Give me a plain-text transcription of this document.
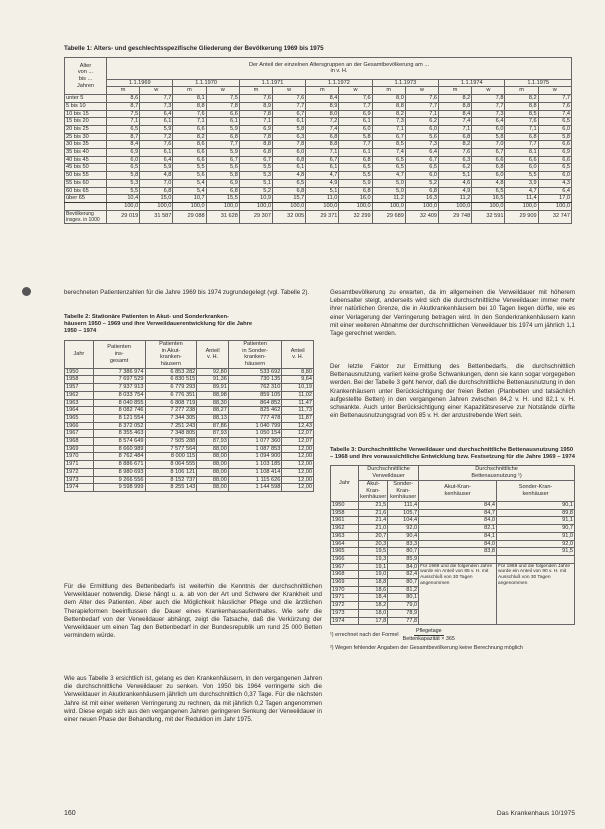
Tabelle 1: Alters- und geschlechtsspezifische Gliederung der Bevölkerung 1969 bis 1975
Alter
von ...
bis ...
Jahren	Der Anteil der einzelnen Altersgruppen an der Gesamtbevölkerung am ...
in v. H.													
	1.1.1969		1.1.1970		1.1.1971		1.1.1972		1.1.1973		1.1.1974		1.1.1975	
	m	w	m	w	m	w	m	w	m	w	m	w	m	w
unter 5	8,6	7,7	8,1	7,5	7,6	7,6	8,4	7,6	8,0	7,6	8,2	7,8	8,2	7,7
5 bis 10	8,7	7,3	8,8	7,8	8,9	7,7	8,9	7,7	8,8	7,7	8,8	7,7	8,8	7,6
10 bis 15	7,5	6,4	7,6	6,6	7,8	6,7	8,0	6,9	8,2	7,1	8,4	7,3	8,5	7,4
15 bis 20	7,1	6,1	7,1	6,1	7,1	6,1	7,2	6,1	7,3	6,2	7,4	6,4	7,6	6,5
20 bis 25	6,5	5,9	6,6	5,9	6,9	5,8	7,4	6,0	7,1	6,0	7,1	6,0	7,1	6,0
25 bis 30	8,7	7,2	8,2	6,8	7,8	6,3	6,8	5,8	6,7	5,6	6,8	5,8	6,8	5,8
30 bis 35	8,4	7,6	8,6	7,7	8,8	7,8	8,8	7,7	8,5	7,3	8,2	7,0	7,7	6,6
35 bis 40	6,9	6,1	6,6	5,9	6,8	6,0	7,1	6,1	7,4	6,4	7,6	6,7	8,1	6,9
40 bis 45	6,0	6,4	6,6	6,7	6,7	6,8	6,7	6,8	6,5	6,7	6,3	6,6	6,6	6,6
45 bis 50	6,5	5,9	5,5	5,6	5,5	6,1	6,1	6,5	6,5	6,5	6,2	6,8	6,0	6,5
50 bis 55	5,8	4,8	5,6	5,8	5,3	4,8	4,7	5,5	4,7	6,0	5,1	6,0	5,5	6,0
55 bis 60	5,3	7,0	5,4	6,9	5,1	6,5	4,9	5,9	5,0	5,2	4,6	4,8	3,9	4,3
60 bis 65	5,5	6,8	5,4	6,8	5,2	6,8	5,1	6,8	5,0	6,8	4,9	6,5	4,7	6,4
über 65	10,4	15,0	10,7	15,5	10,9	15,7	11,0	16,0	11,2	16,3	11,2	16,5	11,4	17,0
	100,0	100,0	100,0	100,0	100,0	100,0	100,0	100,0	100,0	100,0	100,0	100,0	100,0	100,0
Bevölkerung insges. in 1000	29 019	31 587	29 088	31 628	29 307	32 005	29 371	32 299	29 689	32 409	29 748	32 591	29 909	32 747
berechneten Patientenzahlen für die Jahre 1969 bis 1974 zugrundegelegt (vgl. Tabelle 2).
Tabelle 2: Stationäre Patienten in Akut- und Sonderkranken-
häusern 1950 – 1969 und ihre Verweildauerentwicklung für die Jahre
1950 – 1974
Jahr	Patienten
ins-
gesamt	Patienten
in Akut-
kranken-
häusern	Anteil
v. H.	Patienten
in Sonder-
kranken-
häusern	Anteil
v. H.
1950	7 386 974	6 853 282	92,80	533 692	8,80
1958	7 697 529	6 830 515	91,36	730 135	9,64
1957	7 937 913	6 779 293	89,91	762 310	10,19
1962	8 033 754	6 776 351	88,98	859 105	11,02
1963	8 040 855	6 808 719	88,30	864 852	11,47
1964	8 082 746	7 277 238	88,27	825 462	11,73
1965	8 121 554	7 344 305	88,13	777 478	11,87
1966	8 372 052	7 251 243	87,86	1 040 799	12,43
1967	8 355 463	7 348 805	87,93	1 050 154	12,07
1968	8 574 649	7 505 288	87,93	1 077 360	12,07
1969	8 660 989	7 577 564	88,00	1 087 853	12,00
1970	8 762 484	8 000 115	88,00	1 094 900	12,00
1971	8 886 671	8 064 555	88,00	1 103 185	12,00
1972	8 980 693	8 106 121	88,00	1 108 414	12,00
1973	9 266 556	8 152 737	88,00	1 115 626	12,00
1974	9 598 999	8 255 143	88,00	1 144 598	12,00
Für die Ermittlung des Bettenbedarfs ist weiterhin die Kenntnis der durchschnittlichen Verweildauer notwendig. Diese hängt u. a. ab von der Art und Schwere der Krankheit und dem Alter des Patienten. Aber auch die Möglichkeit häuslicher Pflege und die ärztlichen Therapieformen beeinflussen die Dauer eines Krankenhausaufenthaltes. Wie sehr die Bettenbedarf von der Verweildauer abhängt, zeigt die Tatsache, daß die Verkürzung der Verweildauer um einen Tag den Bettenbedarf in der Bundesrepublik um rund 25 000 Betten vermindern würde.
Wie aus Tabelle 3 ersichtlich ist, gelang es den Krankenhäusern, in den vergangenen Jahren die durchschnittliche Verweildauer zu senken. Von 1950 bis 1964 verringerte sich die Verweildauer in Akutkrankenhäusern jährlich um durchschnittlich 0,37 Tage. Für die nächsten Jahre ist mit einer weiteren Verringerung zu rechnen, da mit jährlich 0,2 Tagen angenommen wird. Diese ergab sich aus den vergangenen Jahren geringeren Senkung der Verweildauer in einer neuen Phase der Behandlung, mit der Reduktion im Jahr 1975.
Gesamtbevölkerung zu erwarten, da im allgemeinen die Verweildauer mit höherem Lebensalter steigt, anderseits wird sich die durchschnittliche Verweildauer immer mehr ihrer natürlichen Grenze, die in Akutkrankenhäusern bei 10 Tagen liegen dürfte, wie es einer Verlagerung der Verringerung betragen wird. In den Sonderkrankenhäusern kann mit einer weiteren Abnahme der durchschnittlichen Verweildauer bis 1974 um jährlich 1,1 Tage gerechnet werden.
Der letzte Faktor zur Ermittlung des Bettenbedarfs, die durchschnittlich Bettenausnutzung, variiert keine große Schwankungen, denn sie kann sogar vorgegeben werden. Bei der Tabelle 3 geht hervor, daß die durchschnittliche Bettenausnutzung in den Krankenhäusern unter Berücksichtigung der freien Betten (Planbetten und tatsächlich aufgestellte Betten) in den vergangenen Jahren zwischen 84,2 v. H. und 82,1 v. H. schwankte. Auch unter Berücksichtigung einer Kapazitätsreserve zur Notstände dürfte ein Bettenausnutzungsgrad von 85 v. H. der anzustrebende Wert sein.
Tabelle 3: Durchschnittliche Verweildauer und durchschnittliche Bettenausnutzung 1950 – 1968 und ihre voraussichtliche Entwicklung bzw. Festsetzung für die Jahre 1969 – 1974
Jahr	Durchschnittliche
Verweildauer		Durchschnittliche
Bettenausnutzung ¹)	
	Akut-Kran-
kenhäuser	Sonder-Kran-
kenhäuser	Akut-Kran-
kenhäuser	Sonder-Kran-
kenhäuser
1950	21,5	111,4	84,4	90,1
1958	21,6	105,7	84,7	89,8
1961	21,4	104,4	84,0	91,1
1962	21,0	92,0	82,1	90,7
1963	20,7	90,4	84,1	91,0
1964	20,3	83,3	84,0	92,0
1965	19,5	80,7	83,8	91,5
1966	19,3	85,9		
1967	19,1	84,0	Für 1969 und die folgenden Jahre wurde ein Anteil von 85 v. H. mit Ausschluß von 30 Tagen angenommen	Für 1969 und die folgenden Jahre wurde ein Anteil von 90 v. H. mit Ausschluß von 30 Tagen angenommen
1968	19,0	82,4		
1969	18,8	80,7		
1970	18,6	81,2		
1971	18,4	80,1		
1972	18,2	79,0		
1973	18,0	78,9		
1974	17,8	77,8		
¹) errechnet nach der Formel
Pflegetage
Bettenkapazität × 365
²) Wegen fehlender Angaben der Gesamtbevölkerung keine Berechnung möglich
160	Das Krankenhaus 10/1975
